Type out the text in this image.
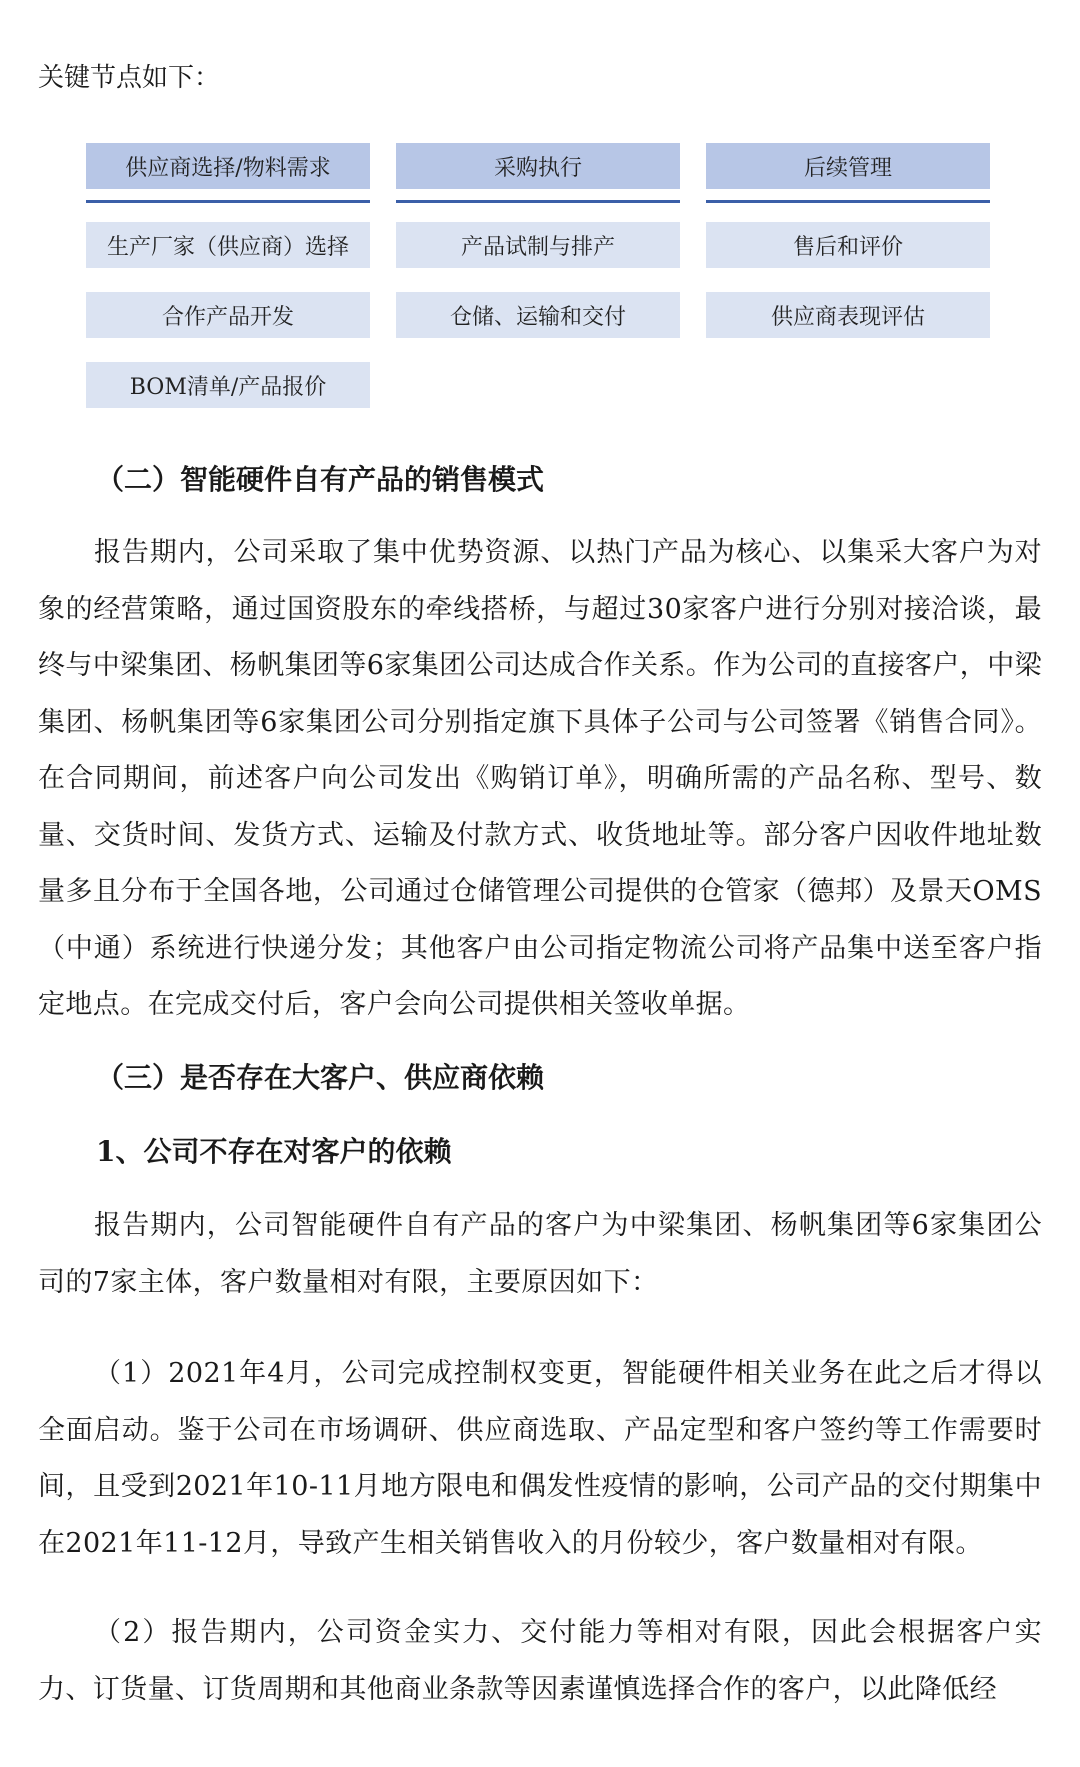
关键节点如下：
供应商选择/物料需求
生产厂家（供应商）选择
合作产品开发
BOM清单/产品报价
采购执行
产品试制与排产
仓储、运输和交付
后续管理
售后和评价
供应商表现评估
（二）智能硬件自有产品的销售模式

报告期内，公司采取了集中优势资源、以热门产品为核心、以集采大客户为对象的经营策略，通过国资股东的牵线搭桥，与超过30家客户进行分别对接洽谈，最终与中梁集团、杨帆集团等6家集团公司达成合作关系。作为公司的直接客户，中梁集团、杨帆集团等6家集团公司分别指定旗下具体子公司与公司签署《销售合同》。在合同期间，前述客户向公司发出《购销订单》，明确所需的产品名称、型号、数量、交货时间、发货方式、运输及付款方式、收货地址等。部分客户因收件地址数量多且分布于全国各地，公司通过仓储管理公司提供的仓管家（德邦）及景天OMS（中通）系统进行快递分发；其他客户由公司指定物流公司将产品集中送至客户指定地点。在完成交付后，客户会向公司提供相关签收单据。

（三）是否存在大客户、供应商依赖
1、公司不存在对客户的依赖

报告期内，公司智能硬件自有产品的客户为中梁集团、杨帆集团等6家集团公司的7家主体，客户数量相对有限，主要原因如下：

（1）2021年4月，公司完成控制权变更，智能硬件相关业务在此之后才得以全面启动。鉴于公司在市场调研、供应商选取、产品定型和客户签约等工作需要时间，且受到2021年10-11月地方限电和偶发性疫情的影响，公司产品的交付期集中在2021年11-12月，导致产生相关销售收入的月份较少，客户数量相对有限。

（2）报告期内，公司资金实力、交付能力等相对有限，因此会根据客户实力、订货量、订货周期和其他商业条款等因素谨慎选择合作的客户，以此降低经
